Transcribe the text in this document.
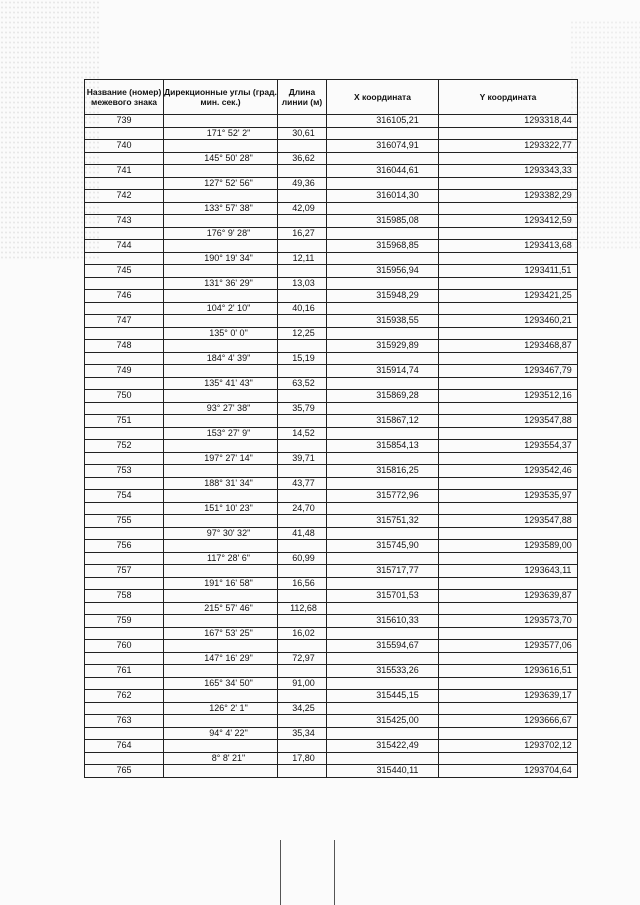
Название (номер) межевого знака	Дирекционные углы (град. мин. сек.)	Длина линии (м)	X координата	Y координата
739			316105,21	1293318,44
	171° 52' 2"	30,61		
740			316074,91	1293322,77
	145° 50' 28"	36,62		
741			316044,61	1293343,33
	127° 52' 56"	49,36		
742			316014,30	1293382,29
	133° 57' 38"	42,09		
743			315985,08	1293412,59
	176° 9' 28"	16,27		
744			315968,85	1293413,68
	190° 19' 34"	12,11		
745			315956,94	1293411,51
	131° 36' 29"	13,03		
746			315948,29	1293421,25
	104° 2' 10"	40,16		
747			315938,55	1293460,21
	135° 0' 0"	12,25		
748			315929,89	1293468,87
	184° 4' 39"	15,19		
749			315914,74	1293467,79
	135° 41' 43"	63,52		
750			315869,28	1293512,16
	93° 27' 38"	35,79		
751			315867,12	1293547,88
	153° 27' 9"	14,52		
752			315854,13	1293554,37
	197° 27' 14"	39,71		
753			315816,25	1293542,46
	188° 31' 34"	43,77		
754			315772,96	1293535,97
	151° 10' 23"	24,70		
755			315751,32	1293547,88
	97° 30' 32"	41,48		
756			315745,90	1293589,00
	117° 28' 6"	60,99		
757			315717,77	1293643,11
	191° 16' 58"	16,56		
758			315701,53	1293639,87
	215° 57' 46"	112,68		
759			315610,33	1293573,70
	167° 53' 25"	16,02		
760			315594,67	1293577,06
	147° 16' 29"	72,97		
761			315533,26	1293616,51
	165° 34' 50"	91,00		
762			315445,15	1293639,17
	126° 2' 1"	34,25		
763			315425,00	1293666,67
	94° 4' 22"	35,34		
764			315422,49	1293702,12
	8° 8' 21"	17,80		
765			315440,11	1293704,64
